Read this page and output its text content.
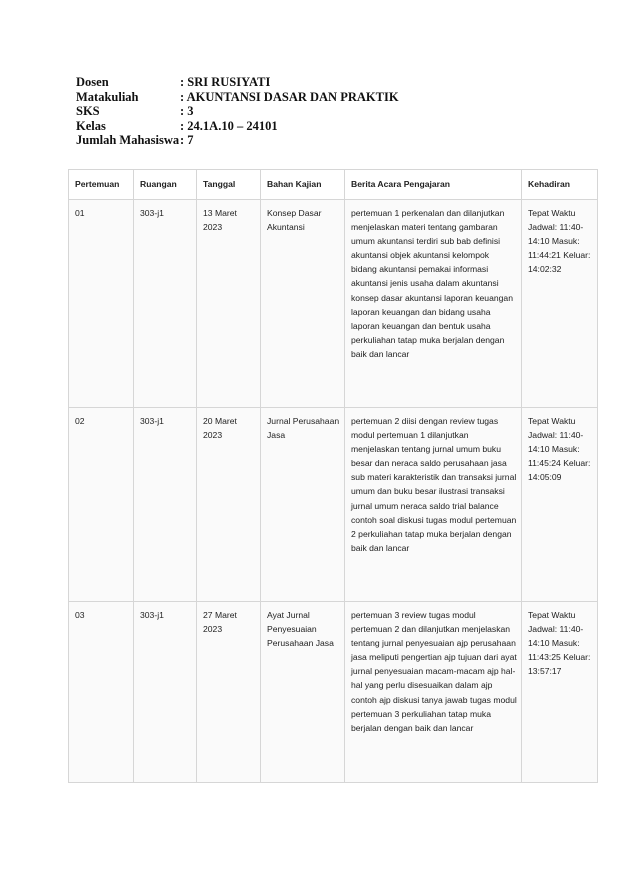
Dosen	: SRI RUSIYATI
Matakuliah	: AKUNTANSI DASAR DAN PRAKTIK
SKS	: 3
Kelas	: 24.1A.10 – 24101
Jumlah Mahasiswa : 7
Pertemuan	Ruangan	Tanggal	Bahan Kajian	Berita Acara Pengajaran	Kehadiran
01	303-j1	13 Maret 2023	Konsep Dasar Akuntansi	pertemuan 1 perkenalan dan dilanjutkan menjelaskan materi tentang gambaran umum akuntansi terdiri sub bab definisi akuntansi objek akuntansi kelompok bidang akuntansi pemakai informasi akuntansi jenis usaha dalam akuntansi konsep dasar akuntansi laporan keuangan laporan keuangan dan bidang usaha laporan keuangan dan bentuk usaha perkuliahan tatap muka berjalan dengan baik dan lancar	Tepat Waktu Jadwal: 11:40-14:10 Masuk: 11:44:21 Keluar: 14:02:32
02	303-j1	20 Maret 2023	Jurnal Perusahaan Jasa	pertemuan 2 diisi dengan review tugas modul pertemuan 1 dilanjutkan menjelaskan tentang jurnal umum buku besar dan neraca saldo perusahaan jasa sub materi karakteristik dan transaksi jurnal umum dan buku besar ilustrasi transaksi jurnal umum neraca saldo trial balance contoh soal diskusi tugas modul pertemuan 2 perkuliahan tatap muka berjalan dengan baik dan lancar	Tepat Waktu Jadwal: 11:40-14:10 Masuk: 11:45:24 Keluar: 14:05:09
03	303-j1	27 Maret 2023	Ayat Jurnal Penyesuaian Perusahaan Jasa	pertemuan 3 review tugas modul pertemuan 2 dan dilanjutkan menjelaskan tentang jurnal penyesuaian ajp perusahaan jasa meliputi pengertian ajp tujuan dari ayat jurnal penyesuaian macam-macam ajp hal-hal yang perlu disesuaikan dalam ajp contoh ajp diskusi tanya jawab tugas modul pertemuan 3 perkuliahan tatap muka berjalan dengan baik dan lancar	Tepat Waktu Jadwal: 11:40-14:10 Masuk: 11:43:25 Keluar: 13:57:17
